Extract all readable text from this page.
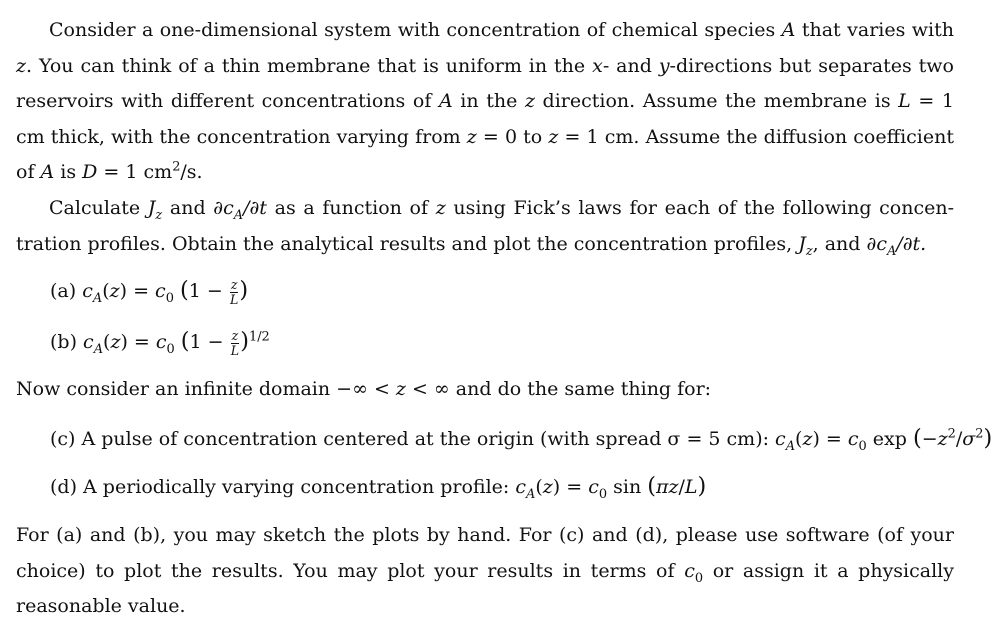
Consider a one-dimensional system with concentration of chemical species A that varies with z. You can think of a thin membrane that is uniform in the x- and y-directions but separates two reservoirs with different concentrations of A in the z direction. Assume the membrane is L = 1 cm thick, with the concentration varying from z = 0 to z = 1 cm. Assume the diffusion coefficient of A is D = 1 $cm^2/s$.

Calculate $J_z$ and $\partial c_A/\partial t$ as a function of z using Fick’s laws for each of the following concen-tration profiles. Obtain the analytical results and plot the concentration profiles, $J_z$, and $\partial c_A/\partial t$.

(a) $c_A(z) = c_0$ ($1 - \frac{z}{L}$ )
(b) $c_A(z) = c_0$ $(1 - \frac{z}{L} )^{1/2}$
Now consider an infinite domain −∞ < z < ∞ and do the same thing for:
(c) A pulse of concentration centered at the origin (with spread σ = 5 cm): $c_A(z) = c_0$ $\exp (-z^2/\sigma^2)$
(d) A periodically varying concentration profile: $c_A(z) = c_0$ sin (πz/L)

For (a) and (b), you may sketch the plots by hand. For (c) and (d), please use software (of your choice) to plot the results. You may plot your results in terms of $c_0$ or assign it a physically reasonable value.
